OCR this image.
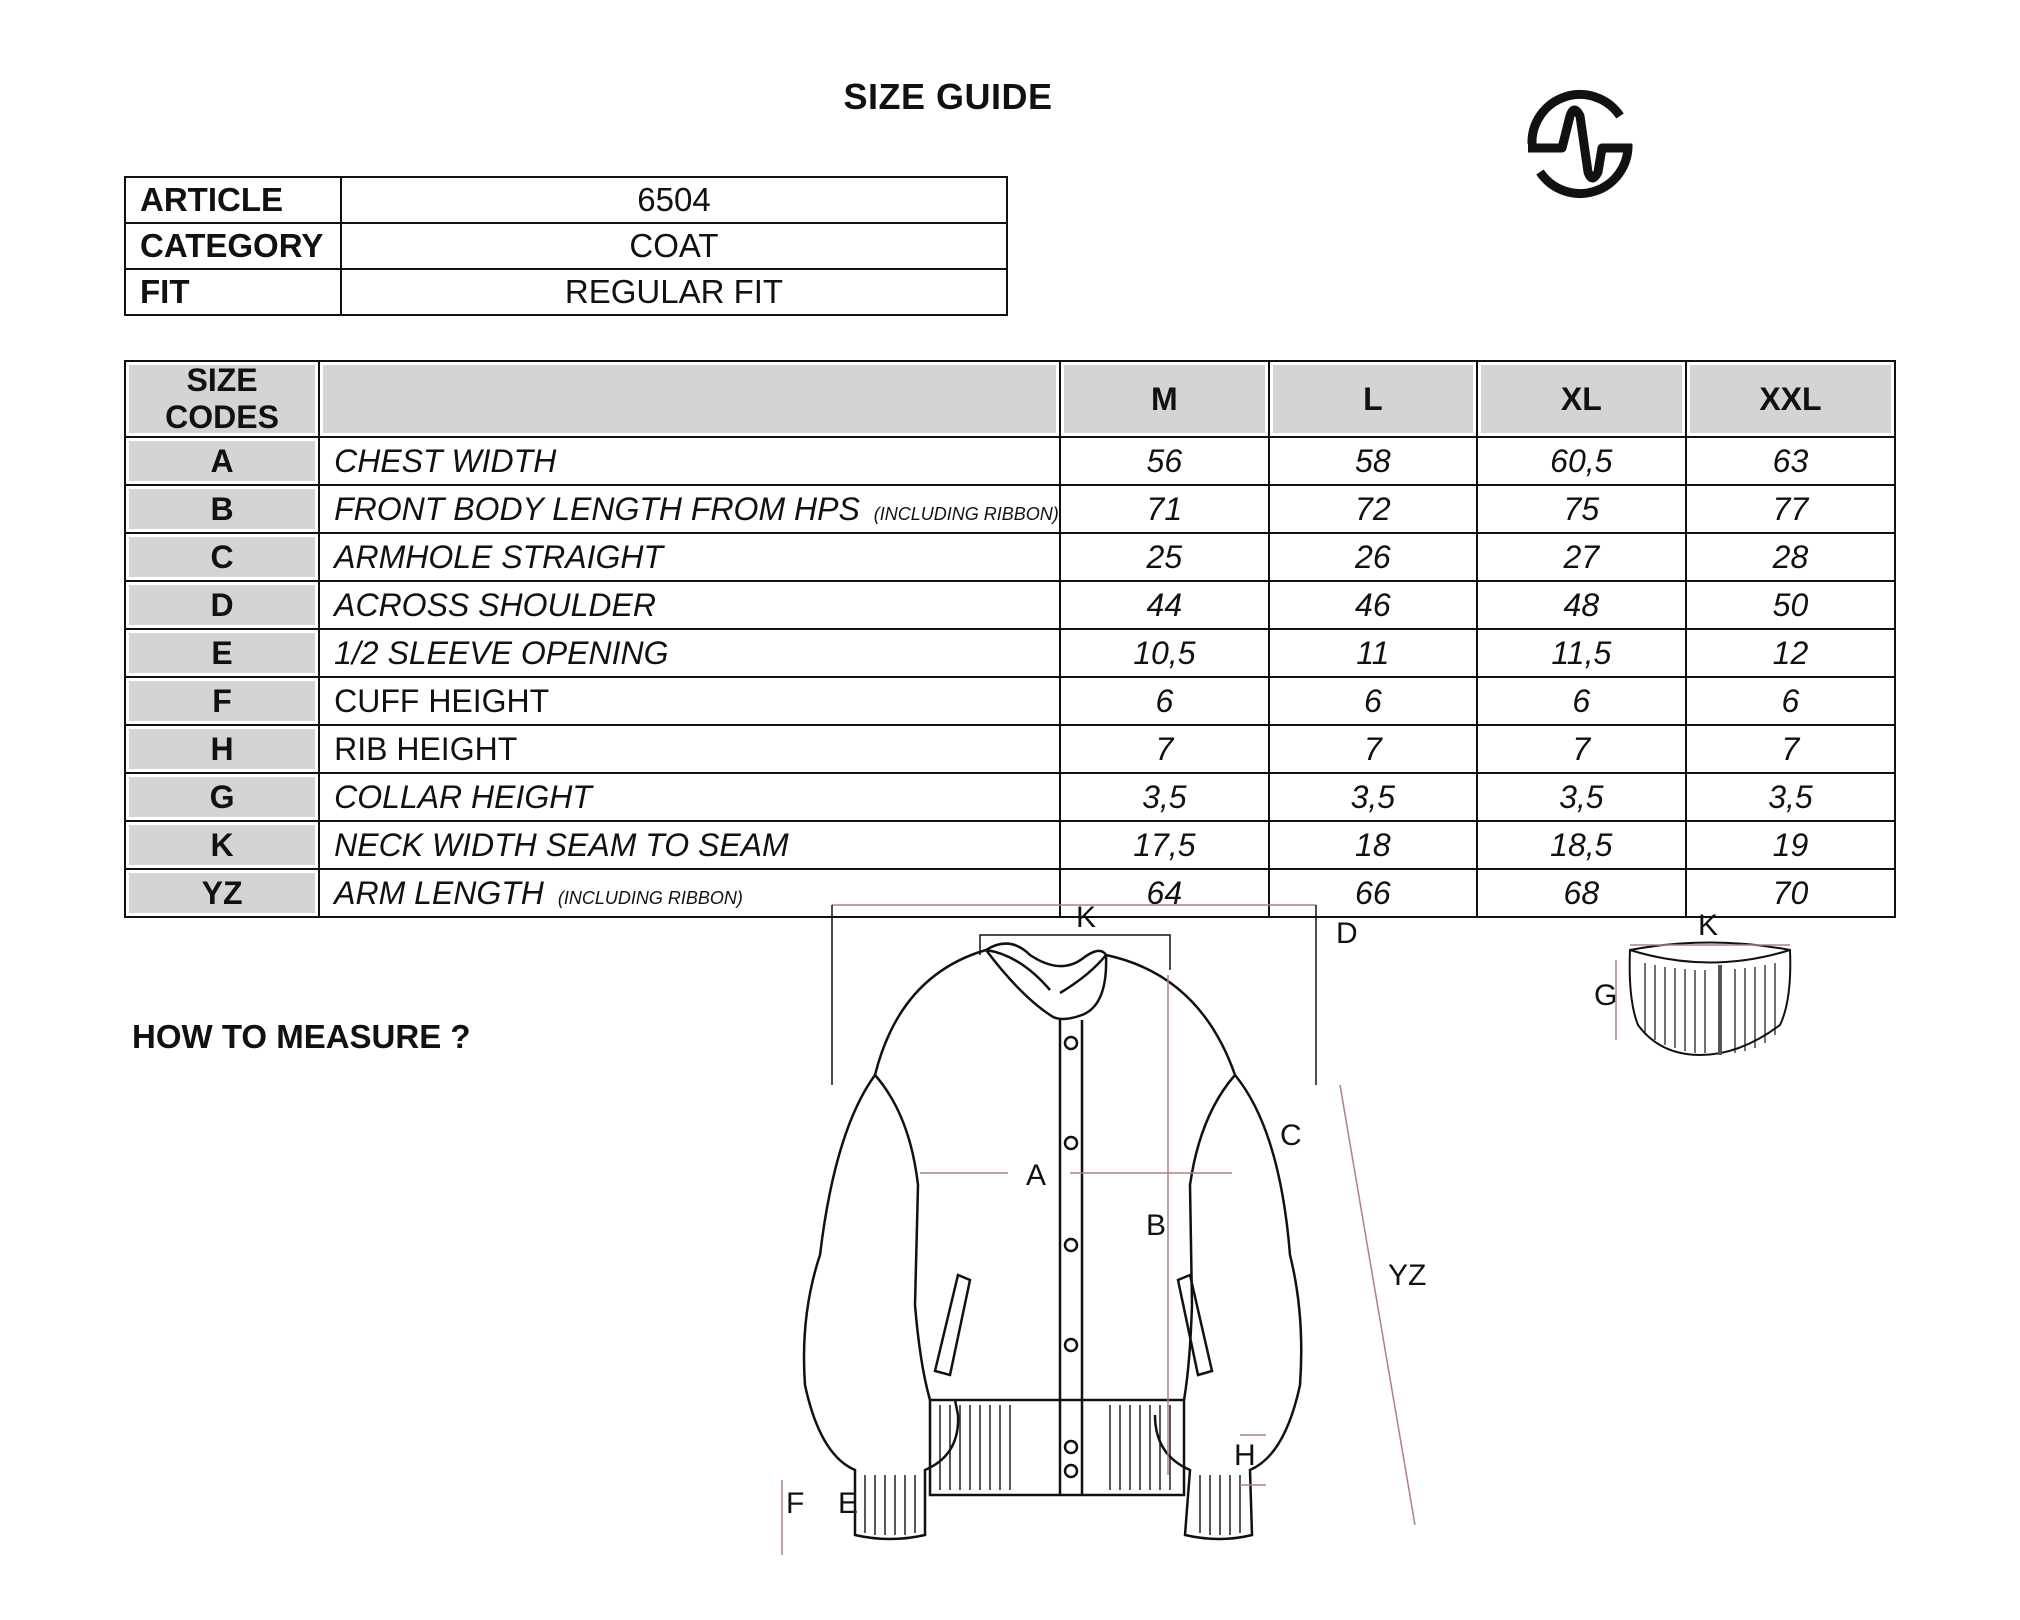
SIZE GUIDE
ARTICLE	6504
CATEGORY	COAT
FIT	REGULAR FIT
SIZE CODES		M	L	XL	XXL
A	CHEST WIDTH	56	58	60,5	63
B	FRONT BODY LENGTH FROM HPS (INCLUDING RIBBON)	71	72	75	77
C	ARMHOLE STRAIGHT	25	26	27	28
D	ACROSS SHOULDER	44	46	48	50
E	1/2 SLEEVE OPENING	10,5	11	11,5	12
F	CUFF HEIGHT	6	6	6	6
H	RIB HEIGHT	7	7	7	7
G	COLLAR HEIGHT	3,5	3,5	3,5	3,5
K	NECK WIDTH SEAM TO SEAM	17,5	18	18,5	19
YZ	ARM LENGTH (INCLUDING RIBBON)	64	66	68	70
HOW TO MEASURE ?
K	D
A
B
C
YZ
H
F E
K
G
